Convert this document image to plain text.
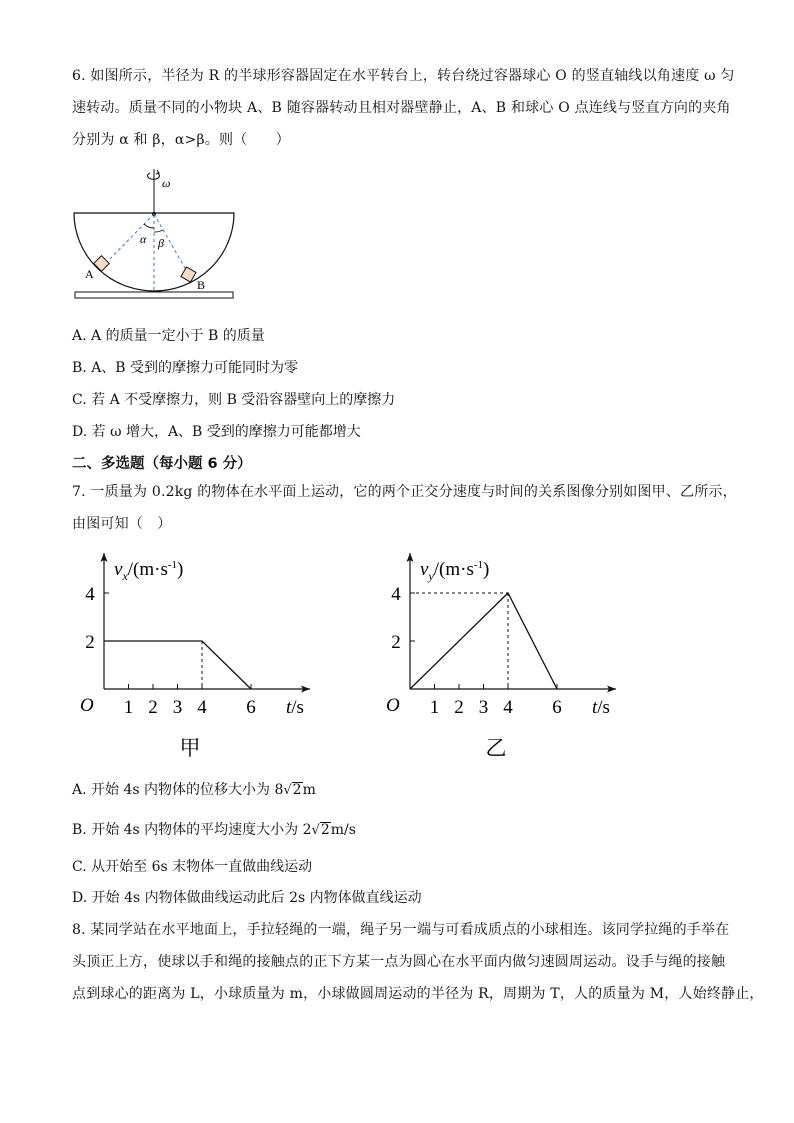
6. 如图所示，半径为 R 的半球形容器固定在水平转台上，转台绕过容器球心 O 的竖直轴线以角速度 ω 匀
速转动。质量不同的小物块 A、B 随容器转动且相对器壁静止，A、B 和球心 O 点连线与竖直方向的夹角
分别为 α 和 β，α>β。则（　　）
ω
α β
A
B
A. A 的质量一定小于 B 的质量
B. A、B 受到的摩擦力可能同时为零
C. 若 A 不受摩擦力，则 B 受沿容器壁向上的摩擦力
D. 若 ω 增大，A、B 受到的摩擦力可能都增大
二、多选题（每小题 6 分）
7. 一质量为 0.2kg 的物体在水平面上运动，它的两个正交分速度与时间的关系图像分别如图甲、乙所示，
由图可知（　）
$v_x/(m\cdot s^{-1})$
O	t/s
1 2 3 4 6
2
4
甲
$v_y/(m\cdot s^{-1})$
O	t/s
1 2 3 4 6
2
4
乙
A. 开始 4s 内物体的位移大小为 8√2m
B. 开始 4s 内物体的平均速度大小为 2√2m/s
C. 从开始至 6s 末物体一直做曲线运动
D. 开始 4s 内物体做曲线运动此后 2s 内物体做直线运动
8. 某同学站在水平地面上，手拉轻绳的一端，绳子另一端与可看成质点的小球相连。该同学拉绳的手举在
头顶正上方，使球以手和绳的接触点的正下方某一点为圆心在水平面内做匀速圆周运动。设手与绳的接触
点到球心的距离为 L，小球质量为 m，小球做圆周运动的半径为 R，周期为 T，人的质量为 M，人始终静止，
